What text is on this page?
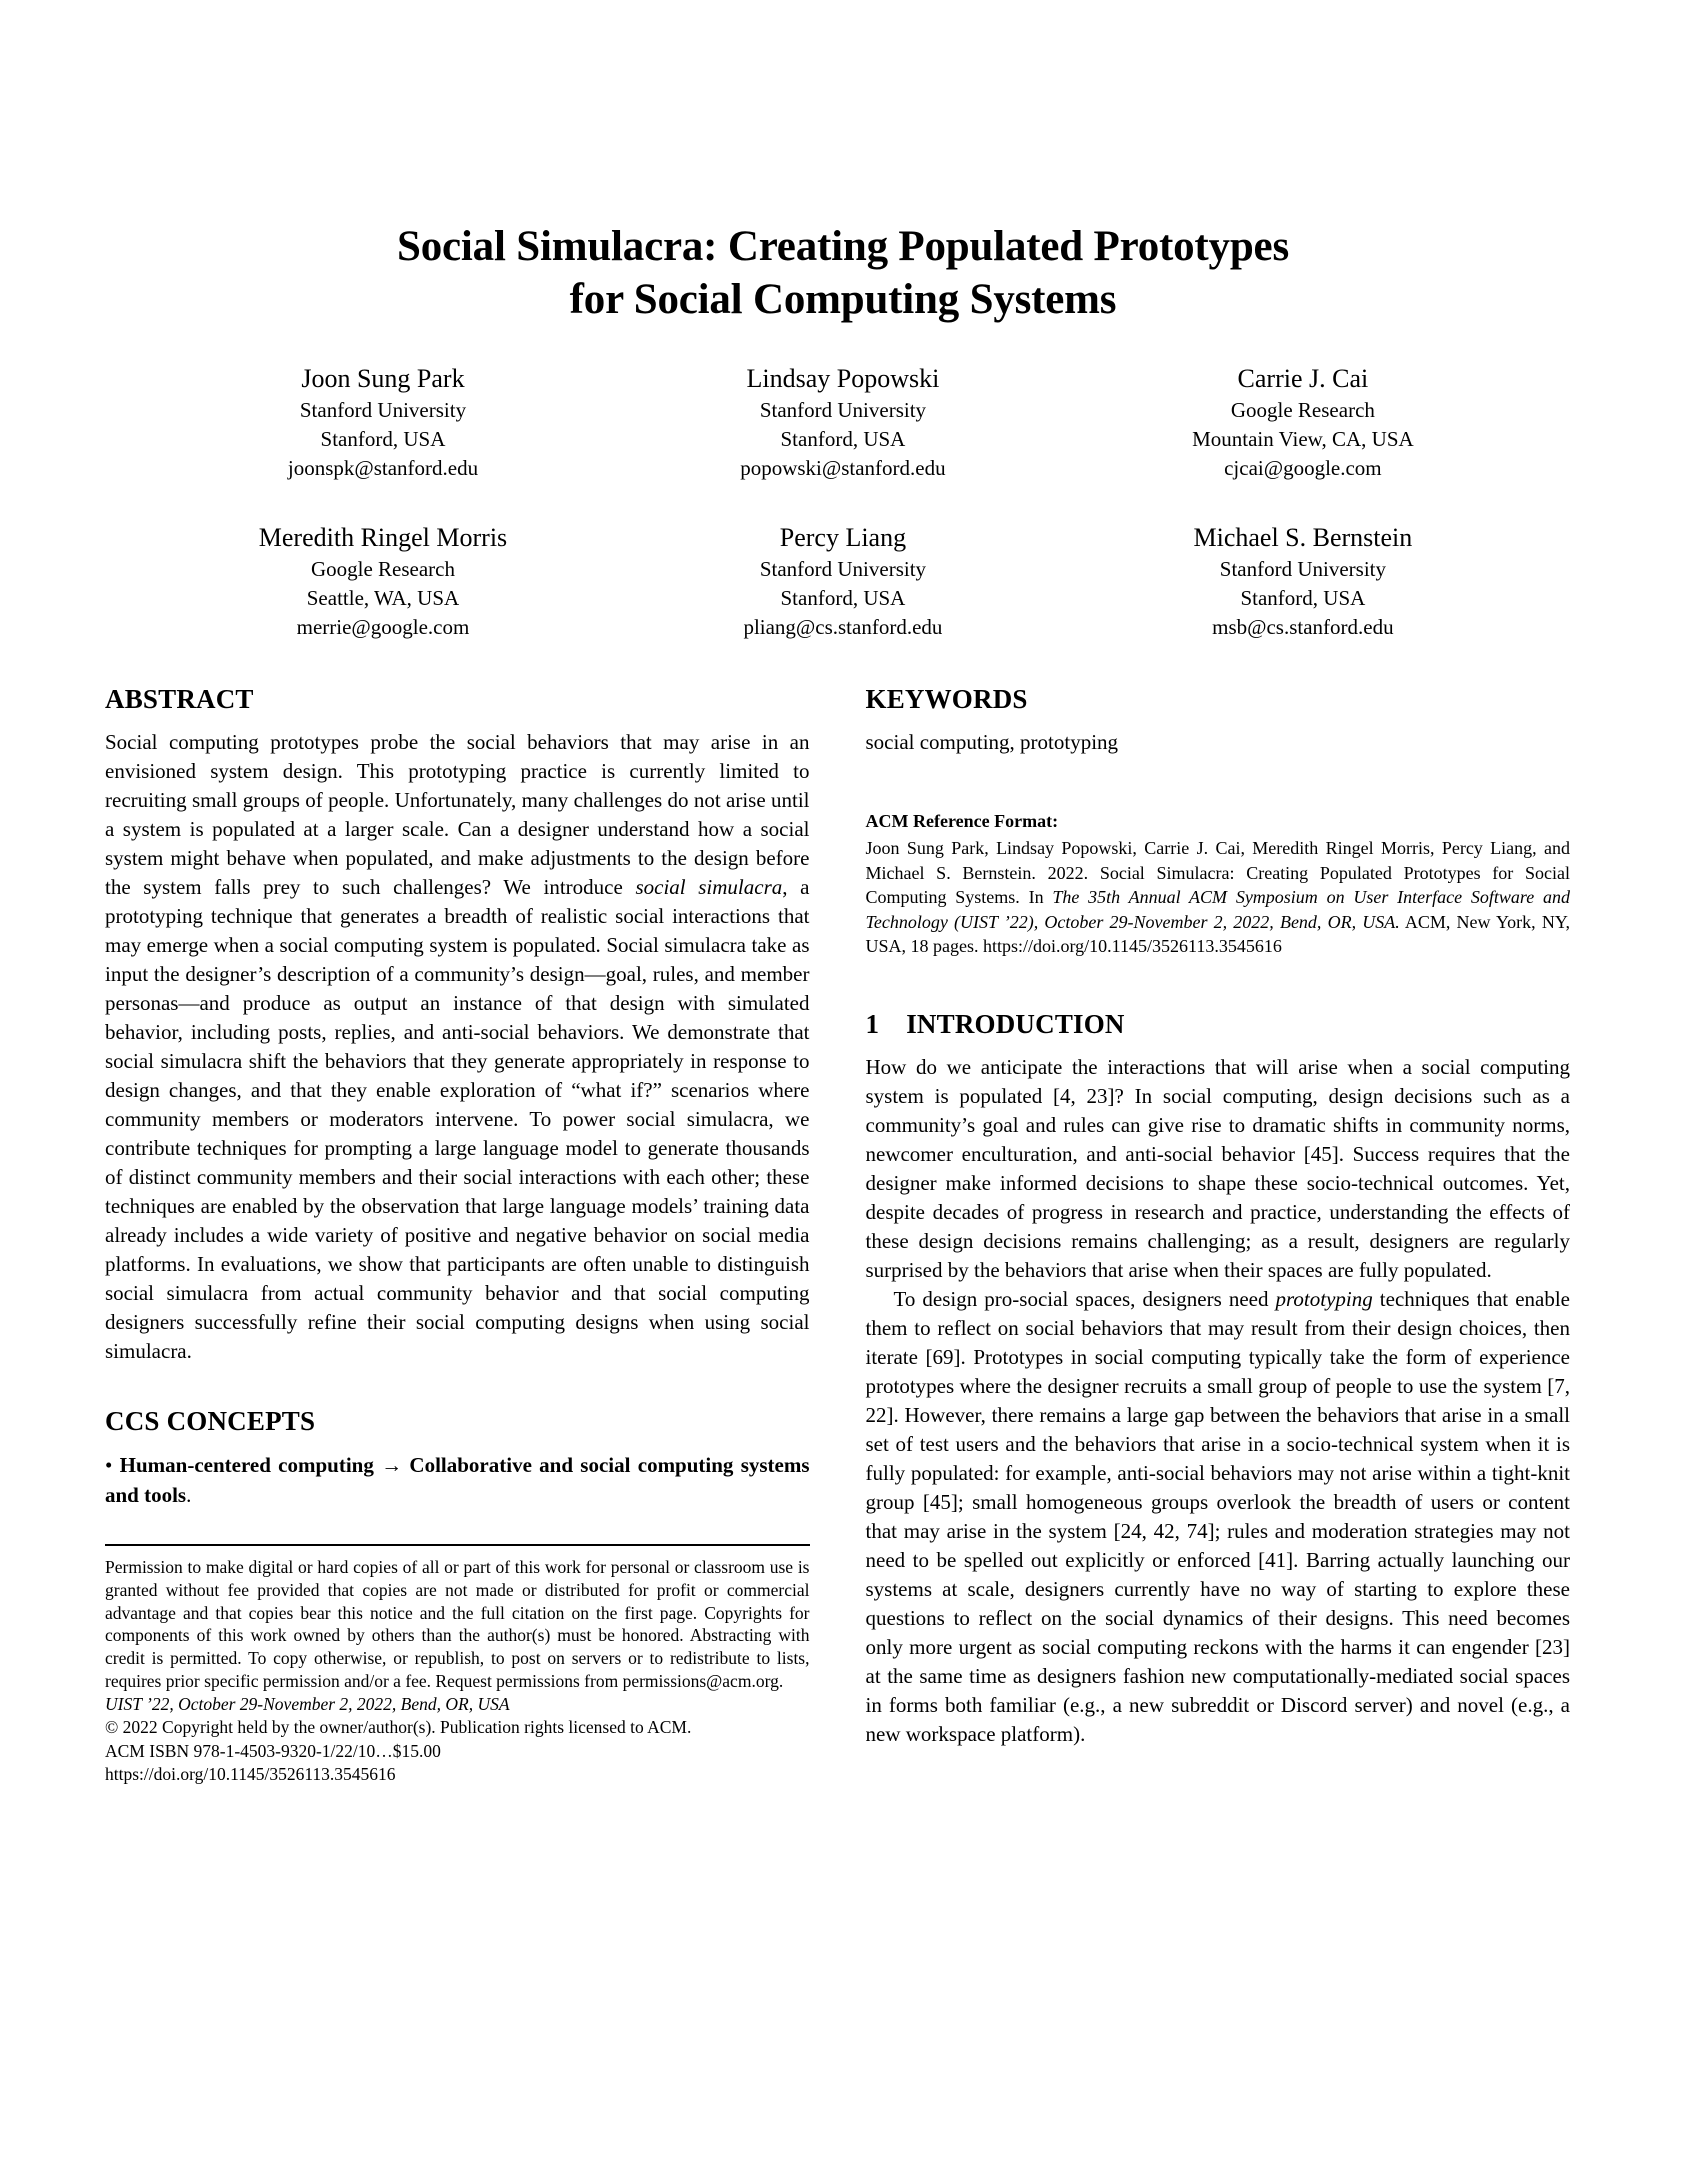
Social Simulacra: Creating Populated Prototypes
for Social Computing Systems
Joon Sung Park
Stanford University
Stanford, USA
joonspk@stanford.edu
Lindsay Popowski
Stanford University
Stanford, USA
popowski@stanford.edu
Carrie J. Cai
Google Research
Mountain View, CA, USA
cjcai@google.com
Meredith Ringel Morris
Google Research
Seattle, WA, USA
merrie@google.com
Percy Liang
Stanford University
Stanford, USA
pliang@cs.stanford.edu
Michael S. Bernstein
Stanford University
Stanford, USA
msb@cs.stanford.edu
ABSTRACT

Social computing prototypes probe the social behaviors that may arise in an envisioned system design. This prototyping practice is currently limited to recruiting small groups of people. Unfortunately, many challenges do not arise until a system is populated at a larger scale. Can a designer understand how a social system might behave when populated, and make adjustments to the design before the system falls prey to such challenges? We introduce social simulacra, a prototyping technique that generates a breadth of realistic social interactions that may emerge when a social computing system is populated. Social simulacra take as input the designer’s description of a community’s design—goal, rules, and member personas—and produce as output an instance of that design with simulated behavior, including posts, replies, and anti-social behaviors. We demonstrate that social simulacra shift the behaviors that they generate appropriately in response to design changes, and that they enable exploration of “what if?” scenarios where community members or moderators intervene. To power social simulacra, we contribute techniques for prompting a large language model to generate thousands of distinct community members and their social interactions with each other; these techniques are enabled by the observation that large language models’ training data already includes a wide variety of positive and negative behavior on social media platforms. In evaluations, we show that participants are often unable to distinguish social simulacra from actual community behavior and that social computing designers successfully refine their social computing designs when using social simulacra.

CCS CONCEPTS

• Human-centered computing → Collaborative and social computing systems and tools.

Permission to make digital or hard copies of all or part of this work for personal or classroom use is granted without fee provided that copies are not made or distributed for profit or commercial advantage and that copies bear this notice and the full citation on the first page. Copyrights for components of this work owned by others than the author(s) must be honored. Abstracting with credit is permitted. To copy otherwise, or republish, to post on servers or to redistribute to lists, requires prior specific permission and/or a fee. Request permissions from permissions@acm.org.

UIST ’22, October 29-November 2, 2022, Bend, OR, USA

© 2022 Copyright held by the owner/author(s). Publication rights licensed to ACM.

ACM ISBN 978-1-4503-9320-1/22/10…$15.00

https://doi.org/10.1145/3526113.3545616

KEYWORDS

social computing, prototyping

ACM Reference Format:

Joon Sung Park, Lindsay Popowski, Carrie J. Cai, Meredith Ringel Morris, Percy Liang, and Michael S. Bernstein. 2022. Social Simulacra: Creating Populated Prototypes for Social Computing Systems. In The 35th Annual ACM Symposium on User Interface Software and Technology (UIST ’22), October 29-November 2, 2022, Bend, OR, USA. ACM, New York, NY, USA, 18 pages. https://doi.org/10.1145/3526113.3545616

1 INTRODUCTION

How do we anticipate the interactions that will arise when a social computing system is populated [4, 23]? In social computing, design decisions such as a community’s goal and rules can give rise to dramatic shifts in community norms, newcomer enculturation, and anti-social behavior [45]. Success requires that the designer make informed decisions to shape these socio-technical outcomes. Yet, despite decades of progress in research and practice, understanding the effects of these design decisions remains challenging; as a result, designers are regularly surprised by the behaviors that arise when their spaces are fully populated.

To design pro-social spaces, designers need prototyping techniques that enable them to reflect on social behaviors that may result from their design choices, then iterate [69]. Prototypes in social computing typically take the form of experience prototypes where the designer recruits a small group of people to use the system [7, 22]. However, there remains a large gap between the behaviors that arise in a small set of test users and the behaviors that arise in a socio-technical system when it is fully populated: for example, anti-social behaviors may not arise within a tight-knit group [45]; small homogeneous groups overlook the breadth of users or content that may arise in the system [24, 42, 74]; rules and moderation strategies may not need to be spelled out explicitly or enforced [41]. Barring actually launching our systems at scale, designers currently have no way of starting to explore these questions to reflect on the social dynamics of their designs. This need becomes only more urgent as social computing reckons with the harms it can engender [23] at the same time as designers fashion new computationally-mediated social spaces in forms both familiar (e.g., a new subreddit or Discord server) and novel (e.g., a new workspace platform).
